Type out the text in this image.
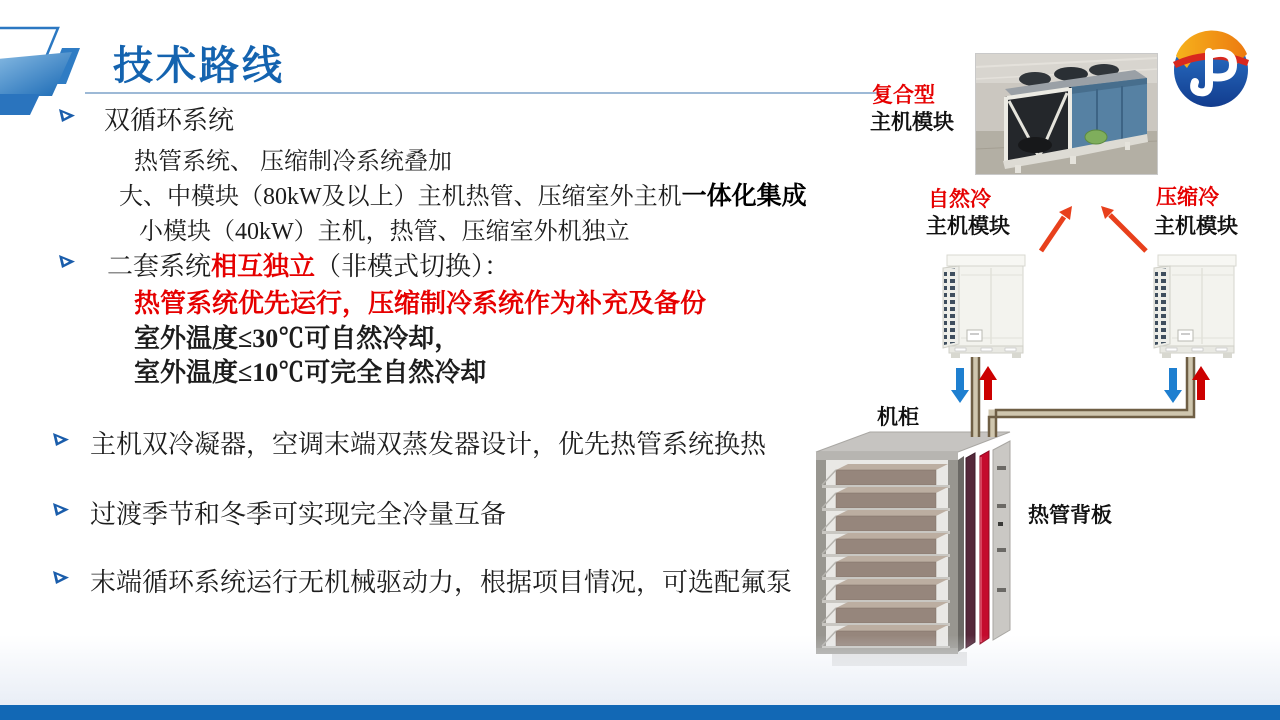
技术路线
双循环系统
热管系统、 压缩制冷系统叠加
大、中模块（80kW及以上）主机热管、压缩室外主机一体化集成
小模块（40kW）主机，热管、压缩室外机独立
二套系统相互独立（非模式切换）：
热管系统优先运行，压缩制冷系统作为补充及备份
室外温度≤30℃可自然冷却，
室外温度≤10℃可完全自然冷却
主机双冷凝器，空调末端双蒸发器设计，优先热管系统换热
过渡季节和冬季可实现完全冷量互备
末端循环系统运行无机械驱动力，根据项目情况，可选配氟泵
复合型
主机模块
自然冷
主机模块
压缩冷
主机模块
机柜
热管背板
